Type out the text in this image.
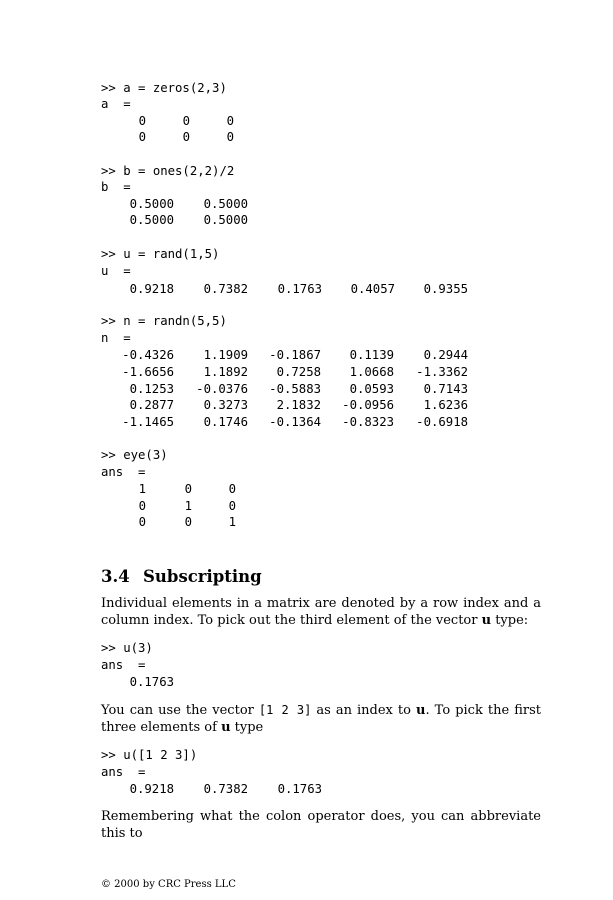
>> a = zeros(2,3)
a  =
0	0	0
0	0	0
>> b = ones(2,2)/2
b  =
0.5000	0.5000
0.5000	0.5000
>> u = rand(1,5)
u  =
0.9218	0.7382	0.1763	0.4057	0.9355
>> n = randn(5,5)
n  =
-0.4326	1.1909	-0.1867	0.1139	0.2944
-1.6656	1.1892	0.7258	1.0668	-1.3362
0.1253	-0.0376	-0.5883	0.0593	0.7143
0.2877	0.3273	2.1832	-0.0956	1.6236
-1.1465	0.1746	-0.1364	-0.8323	-0.6918
>> eye(3)
ans  =
1	0	0
0	1	0
0	0	1
3.4 Subscripting
Individual elements in a matrix are denoted by a row index and a column index. To pick out the third element of the vector u type:
>> u(3)
ans  =
0.1763
You can use the vector [1 2 3] as an index to u. To pick the first three elements of u type
>> u([1 2 3])
ans  =
0.9218	0.7382	0.1763
Remembering what the colon operator does, you can abbreviate this to
© 2000 by CRC Press LLC
